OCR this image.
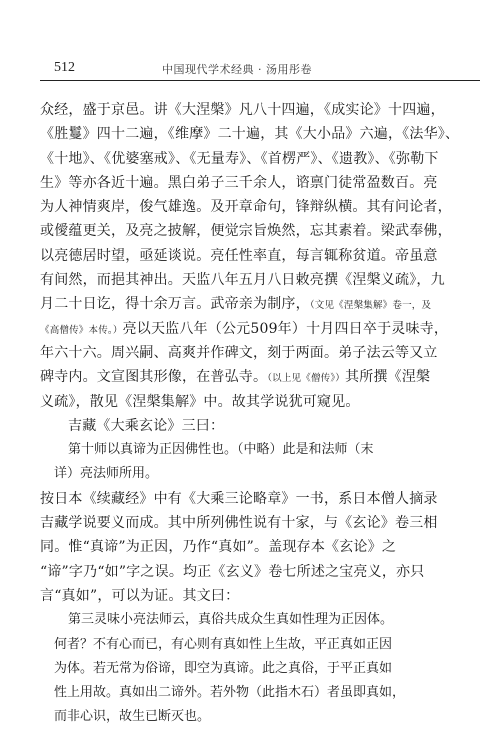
512	中国现代学术经典 · 汤用彤卷
众经，盛于京邑。讲《大涅槃》凡八十四遍，《成实论》十四遍，
《胜鬘》四十二遍，《维摩》二十遍，其《大小品》六遍，《法华》、
《十地》、《优婆塞戒》、《无量寿》、《首楞严》、《遗教》、《弥勒下
生》等亦各近十遍。黑白弟子三千余人，谘禀门徒常盈数百。亮
为人神情爽岸，俊气雄逸。及开章命句，锋辩纵横。其有问论者，
或僾蕴更关，及亮之披解，便觉宗旨焕然，忘其素着。梁武奉佛，
以亮德居时望，亟延谈说。亮任性率直，每言辄称贫道。帝虽意
有间然，而挹其神出。天监八年五月八日敕亮撰《涅槃义疏》，九
月二十日讫，得十余万言。武帝亲为制序，（文见《涅槃集解》卷一，及
《高僧传》本传。）亮以天监八年（公元509年）十月四日卒于灵味寺，
年六十六。周兴嗣、高爽并作碑文，刻于两面。弟子法云等又立
碑寺内。文宣图其形像，在普弘寺。（以上见《僧传》）其所撰《涅槃
义疏》，散见《涅槃集解》中。故其学说犹可窥见。
吉藏《大乘玄论》三曰：
第十师以真谛为正因佛性也。（中略）此是和法师（末
详）亮法师所用。
按日本《续藏经》中有《大乘三论略章》一书，系日本僧人摘录
吉藏学说要义而成。其中所列佛性说有十家，与《玄论》卷三相
同。惟“真谛”为正因，乃作“真如”。盖现存本《玄论》之
“谛”字乃“如”字之误。均正《玄义》卷七所述之宝亮义，亦只
言“真如”，可以为证。其文曰：
第三灵味小亮法师云，真俗共成众生真如性理为正因体。
何者？不有心而已，有心则有真如性上生故，平正真如正因
为体。若无常为俗谛，即空为真谛。此之真俗，于平正真如
性上用故。真如出二谛外。若外物（此指木石）者虽即真如，
而非心识，故生已断灭也。
